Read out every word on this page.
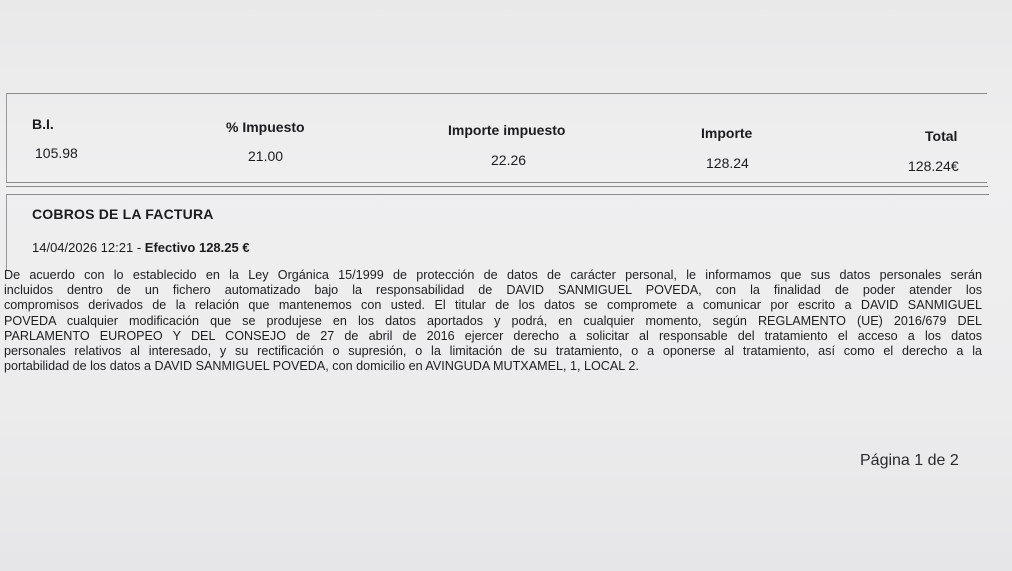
B.I.	% Impuesto	Importe impuesto	Importe	Total
105.98	21.00	22.26	128.24	128.24€
COBROS DE LA FACTURA
14/04/2026 12:21 - Efectivo 128.25 €
De acuerdo con lo establecido en la Ley Orgánica 15/1999 de protección de datos de carácter personal, le informamos que sus datos personales serán
incluidos dentro de un fichero automatizado bajo la responsabilidad de DAVID SANMIGUEL POVEDA, con la finalidad de poder atender los
compromisos derivados de la relación que mantenemos con usted. El titular de los datos se compromete a comunicar por escrito a DAVID SANMIGUEL
POVEDA cualquier modificación que se produjese en los datos aportados y podrá, en cualquier momento, según REGLAMENTO (UE) 2016/679 DEL
PARLAMENTO EUROPEO Y DEL CONSEJO de 27 de abril de 2016 ejercer derecho a solicitar al responsable del tratamiento el acceso a los datos
personales relativos al interesado, y su rectificación o supresión, o la limitación de su tratamiento, o a oponerse al tratamiento, así como el derecho a la
portabilidad de los datos a DAVID SANMIGUEL POVEDA, con domicilio en AVINGUDA MUTXAMEL, 1, LOCAL 2.
Página 1 de 2
